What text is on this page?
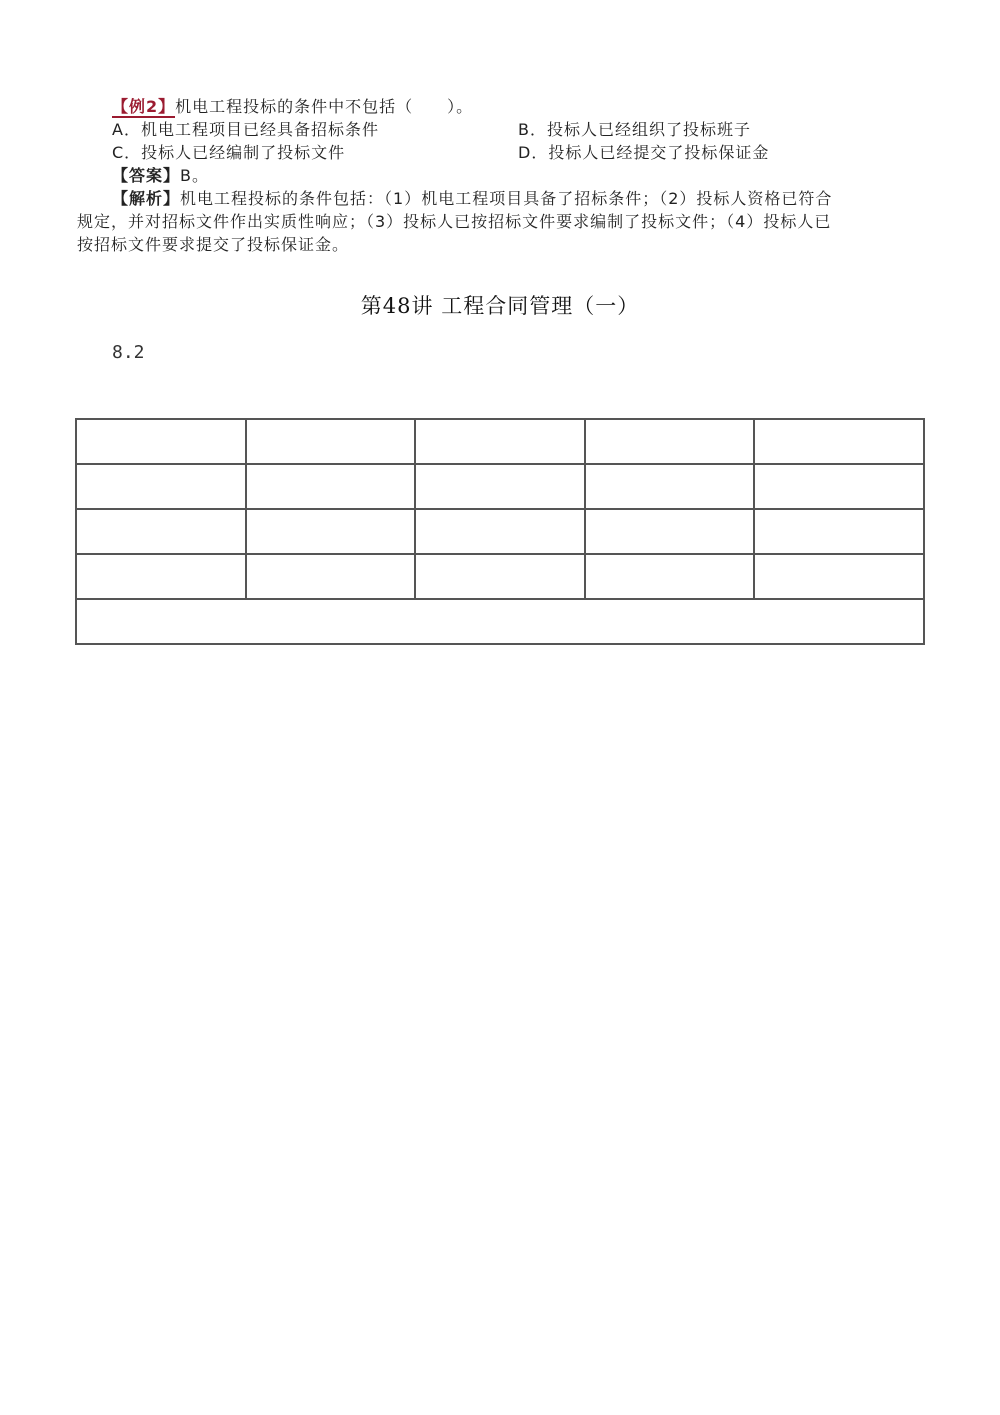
【例2】机电工程投标的条件中不包括（　　）。
A．机电工程项目已经具备招标条件	B．投标人已经组织了投标班子
C．投标人已经编制了投标文件	D．投标人已经提交了投标保证金
【答案】B。
【解析】机电工程投标的条件包括：（1）机电工程项目具备了招标条件；（2）投标人资格已符合
规定，并对招标文件作出实质性响应；（3）投标人已按招标文件要求编制了投标文件；（4）投标人已
按招标文件要求提交了投标保证金。
第48讲 工程合同管理（一）
8.2
